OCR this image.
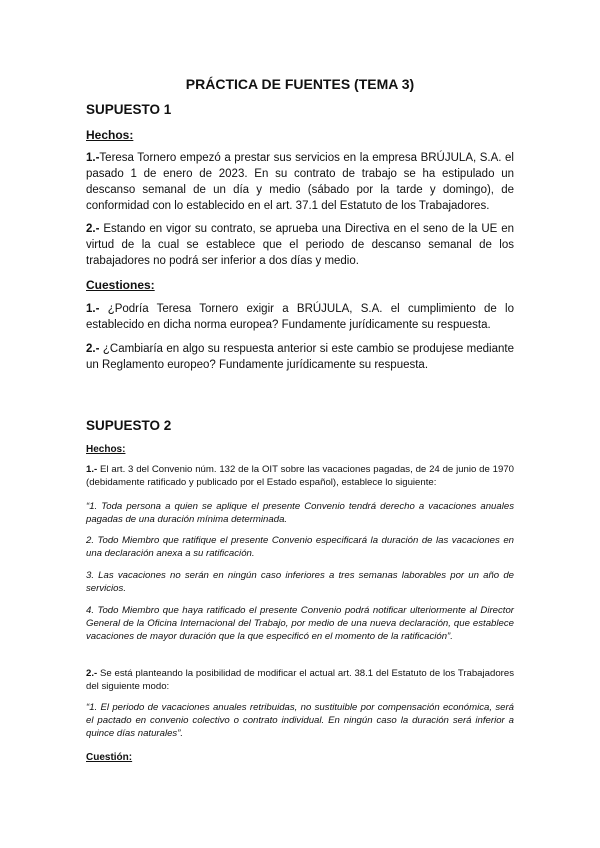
PRÁCTICA DE FUENTES (TEMA 3)
SUPUESTO 1
Hechos:
1.-Teresa Tornero empezó a prestar sus servicios en la empresa BRÚJULA, S.A. el pasado 1 de enero de 2023. En su contrato de trabajo se ha estipulado un descanso semanal de un día y medio (sábado por la tarde y domingo), de conformidad con lo establecido en el art. 37.1 del Estatuto de los Trabajadores.
2.- Estando en vigor su contrato, se aprueba una Directiva en el seno de la UE en virtud de la cual se establece que el periodo de descanso semanal de los trabajadores no podrá ser inferior a dos días y medio.
Cuestiones:
1.- ¿Podría Teresa Tornero exigir a BRÚJULA, S.A. el cumplimiento de lo establecido en dicha norma europea? Fundamente jurídicamente su respuesta.
2.- ¿Cambiaría en algo su respuesta anterior si este cambio se produjese mediante un Reglamento europeo? Fundamente jurídicamente su respuesta.
SUPUESTO 2
Hechos:
1.- El art. 3 del Convenio núm. 132 de la OIT sobre las vacaciones pagadas, de 24 de junio de 1970 (debidamente ratificado y publicado por el Estado español), establece lo siguiente:
“1. Toda persona a quien se aplique el presente Convenio tendrá derecho a vacaciones anuales pagadas de una duración mínima determinada.
2. Todo Miembro que ratifique el presente Convenio especificará la duración de las vacaciones en una declaración anexa a su ratificación.
3. Las vacaciones no serán en ningún caso inferiores a tres semanas laborables por un año de servicios.
4. Todo Miembro que haya ratificado el presente Convenio podrá notificar ulteriormente al Director General de la Oficina Internacional del Trabajo, por medio de una nueva declaración, que establece vacaciones de mayor duración que la que especificó en el momento de la ratificación”.
2.- Se está planteando la posibilidad de modificar el actual art. 38.1 del Estatuto de los Trabajadores del siguiente modo:
“1. El periodo de vacaciones anuales retribuidas, no sustituible por compensación económica, será el pactado en convenio colectivo o contrato individual. En ningún caso la duración será inferior a quince días naturales”.
Cuestión:
